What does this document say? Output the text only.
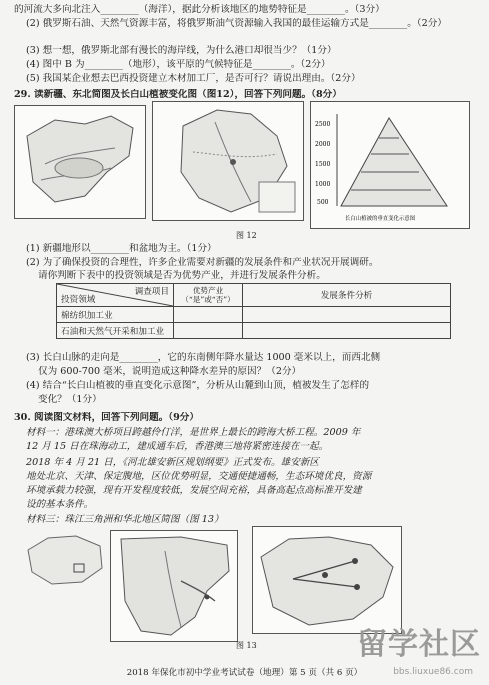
的河流大多向北注入________（海洋），据此分析该地区的地势特征是________。（3分）
(2) 俄罗斯石油、天然气资源丰富，将俄罗斯油气资源输入我国的最佳运输方式是________。（2分）
(3) 想一想，俄罗斯北部有漫长的海岸线，为什么港口却很当少？（1分）
(4) 图中 B 为________（地形），该平原的气候特征是________。（2分）
(5) 我国某企业想去巴西投资建立木材加工厂，是否可行？请说出理由。（2分）
29. 读新疆、东北简图及长白山植被变化图（图12），回答下列问题。（8分）
2500
2000
1500
1000
500
长白山植被的垂直变化示意图
图 12
(1) 新疆地形以________和盆地为主。（1分）
(2) 为了确保投资的合理性，许多企业需要对新疆的发展条件和产业状况开展调研。
请你判断下表中的投资领域是否为优势产业，并进行发展条件分析。
调查项目
投资领域	优势产业（“是”或“否”）	发展条件分析
棉纺织加工业		
石油和天然气开采和加工业		
(3) 长白山脉的走向是________，它的东南侧年降水量达 1000 毫米以上，而西北侧
仅为 600-700 毫米，说明造成这种降水差异的原因？（2分）
(4) 结合“长白山植被的垂直变化示意图”，分析从山麓到山顶，植被发生了怎样的
变化？（1分）
30. 阅读图文材料，回答下列问题。（9分）
材料一：港珠澳大桥项目跨越伶仃洋，是世界上最长的跨海大桥工程。2009 年
12 月 15 日在珠海动工，建成通车后，香港澳三地将紧密连接在一起。
2018 年 4 月 21 日，《河北雄安新区规划纲要》正式发布。雄安新区
地处北京、天津、保定腹地，区位优势明显，交通便捷通畅，生态环境优良，资源
环境承载力较强，现有开发程度较低，发展空间充裕，具备高起点高标准开发建
设的基本条件。
材料三：珠江三角洲和华北地区简图（图 13）
图 13
2018 年保化市初中学业考试试卷（地理）第 5 页（共 6 页）
留学社区
bbs.liuxue86.com
